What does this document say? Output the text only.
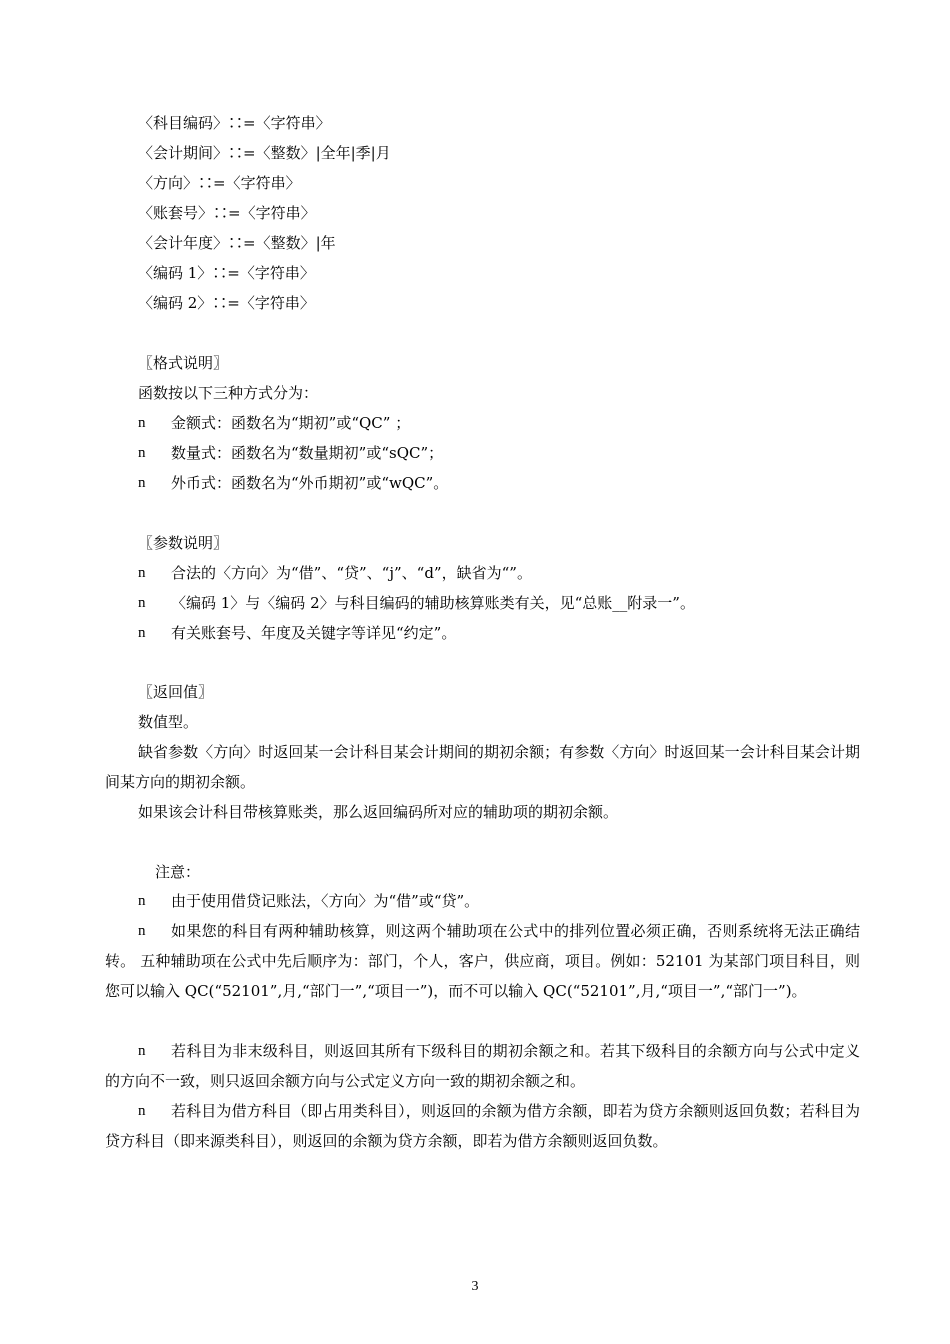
〈科目编码〉∷=〈字符串〉
〈会计期间〉∷=〈整数〉|全年|季|月
〈方向〉∷=〈字符串〉
〈账套号〉∷=〈字符串〉
〈会计年度〉∷=〈整数〉|年
〈编码 1〉∷=〈字符串〉
〈编码 2〉∷=〈字符串〉
〖格式说明〗
函数按以下三种方式分为：
n 金额式：函数名为“期初”或“QC” ；
n 数量式：函数名为“数量期初”或“sQC”；
n 外币式：函数名为“外币期初”或“wQC”。
〖参数说明〗
n 合法的〈方向〉为“借”、“贷”、“j”、“d”，缺省为“”。
n 〈编码 1〉与〈编码 2〉与科目编码的辅助核算账类有关，见“总账__附录一”。
n 有关账套号、年度及关键字等详见“约定”。
〖返回值〗
数值型。
缺省参数〈方向〉时返回某一会计科目某会计期间的期初余额；有参数〈方向〉时返回某一会计科目某会计期间某方向的期初余额。
如果该会计科目带核算账类，那么返回编码所对应的辅助项的期初余额。
注意：
n 由于使用借贷记账法，〈方向〉为“借”或“贷”。
n	如果您的科目有两种辅助核算，则这两个辅助项在公式中的排列位置必须正确，否则系统将无法正确结转。 五种辅助项在公式中先后顺序为：部门，个人，客户，供应商，项目。例如：52101 为某部门项目科目，则您可以输入 QC(“52101”,月,“部门一”,“项目一”)，而不可以输入 QC(“52101”,月,“项目一”,“部门一”)。
n	若科目为非末级科目，则返回其所有下级科目的期初余额之和。若其下级科目的余额方向与公式中定义的方向不一致，则只返回余额方向与公式定义方向一致的期初余额之和。
n	若科目为借方科目（即占用类科目），则返回的余额为借方余额，即若为贷方余额则返回负数；若科目为贷方科目（即来源类科目），则返回的余额为贷方余额，即若为借方余额则返回负数。
3
